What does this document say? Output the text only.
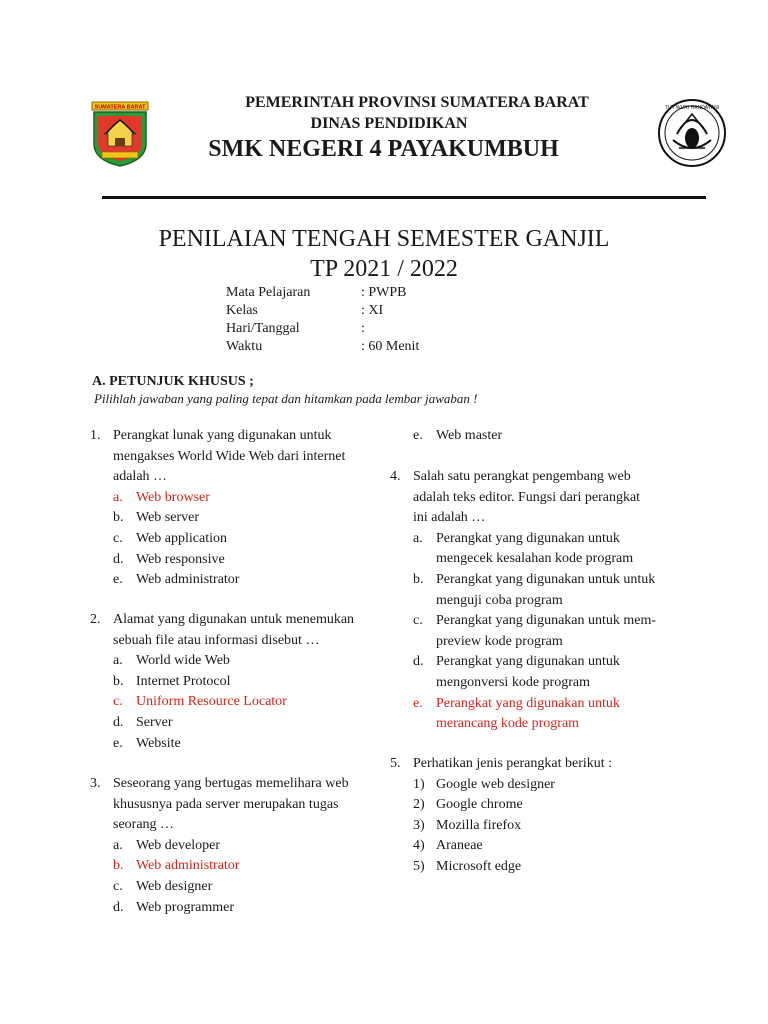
SUMATERA BARAT	TUT WURI HANDAYANI
PEMERINTAH PROVINSI SUMATERA BARAT
DINAS PENDIDIKAN
SMK NEGERI 4 PAYAKUMBUH
PENILAIAN TENGAH SEMESTER GANJIL
TP 2021 / 2022
Mata Pelajaran	: PWPB
Kelas	: XI
Hari/Tanggal	:
Waktu	: 60 Menit
A. PETUNJUK KHUSUS ;
Pilihlah jawaban yang paling tepat dan hitamkan pada lembar jawaban !
1. Perangkat lunak yang digunakan untuk
mengakses World Wide Web dari internet
adalah …
a. Web browser
b. Web server
c. Web application
d. Web responsive
e. Web administrator
2. Alamat yang digunakan untuk menemukan
sebuah file atau informasi disebut …
a. World wide Web
b. Internet Protocol
c. Uniform Resource Locator
d. Server
e. Website
3. Seseorang yang bertugas memelihara web
khususnya pada server merupakan tugas
seorang …
a. Web developer
b. Web administrator
c. Web designer
d. Web programmer
e. Web master
4. Salah satu perangkat pengembang web
adalah teks editor. Fungsi dari perangkat
ini adalah …
a. Perangkat yang digunakan untuk
mengecek kesalahan kode program
b. Perangkat yang digunakan untuk untuk
menguji coba program
c. Perangkat yang digunakan untuk mem-
preview kode program
d. Perangkat yang digunakan untuk
mengonversi kode program
e. Perangkat yang digunakan untuk
merancang kode program
5. Perhatikan jenis perangkat berikut :
1) Google web designer
2) Google chrome
3) Mozilla firefox
4) Araneae
5) Microsoft edge
